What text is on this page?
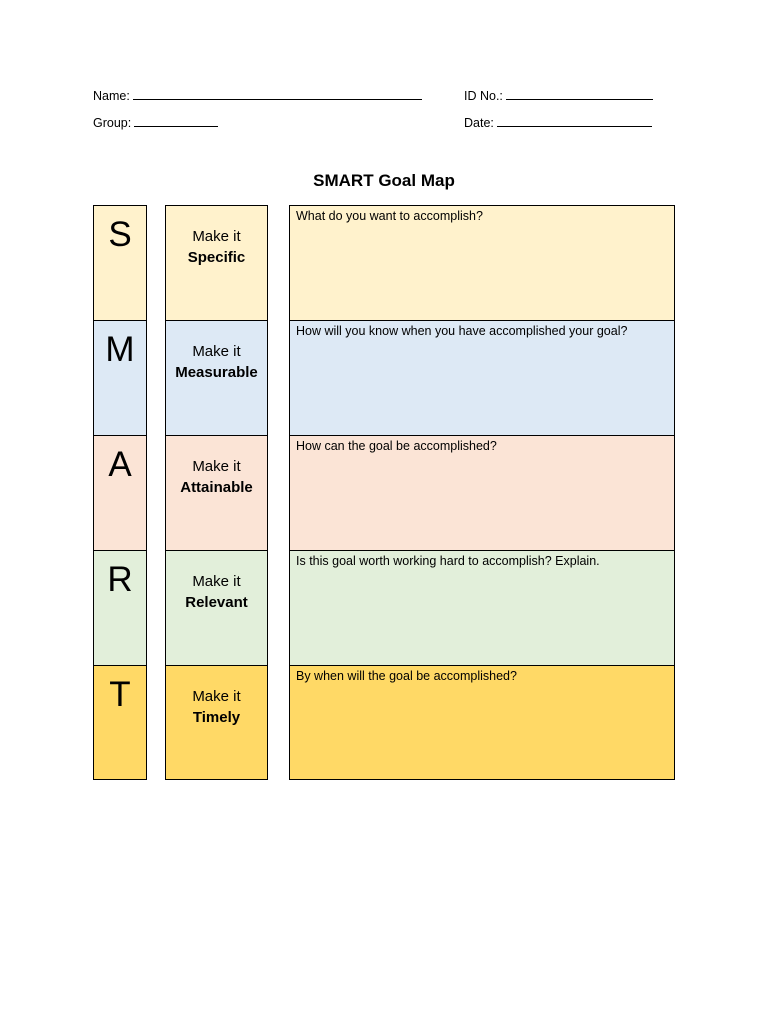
Name:	ID No.:
Group:	Date:
SMART Goal Map
S
M
A
R
T
Make it
Specific
Make it
Measurable
Make it
Attainable
Make it
Relevant
Make it
Timely
What do you want to accomplish?
How will you know when you have accomplished your goal?
How can the goal be accomplished?
Is this goal worth working hard to accomplish? Explain.
By when will the goal be accomplished?
